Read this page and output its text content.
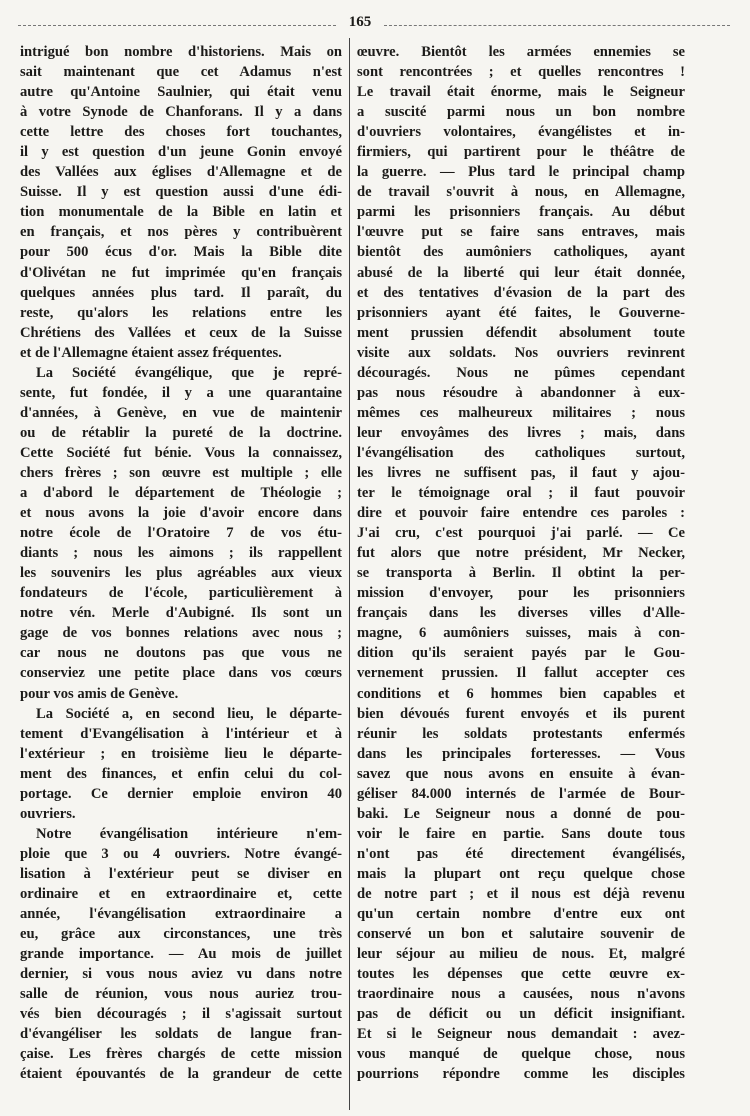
165
intrigué bon nombre d'historiens. Mais on
sait maintenant que cet Adamus n'est
autre qu'Antoine Saulnier, qui était venu
à votre Synode de Chanforans. Il y a dans
cette lettre des choses fort touchantes,
il y est question d'un jeune Gonin envoyé
des Vallées aux églises d'Allemagne et de
Suisse. Il y est question aussi d'une édi-
tion monumentale de la Bible en latin et
en français, et nos pères y contribuèrent
pour 500 écus d'or. Mais la Bible dite
d'Olivétan ne fut imprimée qu'en français
quelques années plus tard. Il paraît, du
reste, qu'alors les relations entre les
Chrétiens des Vallées et ceux de la Suisse
et de l'Allemagne étaient assez fréquentes.
La Société évangélique, que je repré-
sente, fut fondée, il y a une quarantaine
d'années, à Genève, en vue de maintenir
ou de rétablir la pureté de la doctrine.
Cette Société fut bénie. Vous la connaissez,
chers frères ; son œuvre est multiple ; elle
a d'abord le département de Théologie ;
et nous avons la joie d'avoir encore dans
notre école de l'Oratoire 7 de vos étu-
diants ; nous les aimons ; ils rappellent
les souvenirs les plus agréables aux vieux
fondateurs de l'école, particulièrement à
notre vén. Merle d'Aubigné. Ils sont un
gage de vos bonnes relations avec nous ;
car nous ne doutons pas que vous ne
conserviez une petite place dans vos cœurs
pour vos amis de Genève.
La Société a, en second lieu, le départe-
tement d'Evangélisation à l'intérieur et à
l'extérieur ; en troisième lieu le départe-
ment des finances, et enfin celui du col-
portage. Ce dernier emploie environ 40
ouvriers.
Notre évangélisation intérieure n'em-
ploie que 3 ou 4 ouvriers. Notre évangé-
lisation à l'extérieur peut se diviser en
ordinaire et en extraordinaire et, cette
année, l'évangélisation extraordinaire a
eu, grâce aux circonstances, une très
grande importance. — Au mois de juillet
dernier, si vous nous aviez vu dans notre
salle de réunion, vous nous auriez trou-
vés bien découragés ; il s'agissait surtout
d'évangéliser les soldats de langue fran-
çaise. Les frères chargés de cette mission
étaient épouvantés de la grandeur de cette
œuvre. Bientôt les armées ennemies se
sont rencontrées ; et quelles rencontres !
Le travail était énorme, mais le Seigneur
a suscité parmi nous un bon nombre
d'ouvriers volontaires, évangélistes et in-
firmiers, qui partirent pour le théâtre de
la guerre. — Plus tard le principal champ
de travail s'ouvrit à nous, en Allemagne,
parmi les prisonniers français. Au début
l'œuvre put se faire sans entraves, mais
bientôt des aumôniers catholiques, ayant
abusé de la liberté qui leur était donnée,
et des tentatives d'évasion de la part des
prisonniers ayant été faites, le Gouverne-
ment prussien défendit absolument toute
visite aux soldats. Nos ouvriers revinrent
découragés. Nous ne pûmes cependant
pas nous résoudre à abandonner à eux-
mêmes ces malheureux militaires ; nous
leur envoyâmes des livres ; mais, dans
l'évangélisation des catholiques surtout,
les livres ne suffisent pas, il faut y ajou-
ter le témoignage oral ; il faut pouvoir
dire et pouvoir faire entendre ces paroles :
J'ai cru, c'est pourquoi j'ai parlé. — Ce
fut alors que notre président, Mr Necker,
se transporta à Berlin. Il obtint la per-
mission d'envoyer, pour les prisonniers
français dans les diverses villes d'Alle-
magne, 6 aumôniers suisses, mais à con-
dition qu'ils seraient payés par le Gou-
vernement prussien. Il fallut accepter ces
conditions et 6 hommes bien capables et
bien dévoués furent envoyés et ils purent
réunir les soldats protestants enfermés
dans les principales forteresses. — Vous
savez que nous avons en ensuite à évan-
géliser 84.000 internés de l'armée de Bour-
baki. Le Seigneur nous a donné de pou-
voir le faire en partie. Sans doute tous
n'ont pas été directement évangélisés,
mais la plupart ont reçu quelque chose
de notre part ; et il nous est déjà revenu
qu'un certain nombre d'entre eux ont
conservé un bon et salutaire souvenir de
leur séjour au milieu de nous. Et, malgré
toutes les dépenses que cette œuvre ex-
traordinaire nous a causées, nous n'avons
pas de déficit ou un déficit insignifiant.
Et si le Seigneur nous demandait : avez-
vous manqué de quelque chose, nous
pourrions répondre comme les disciples
